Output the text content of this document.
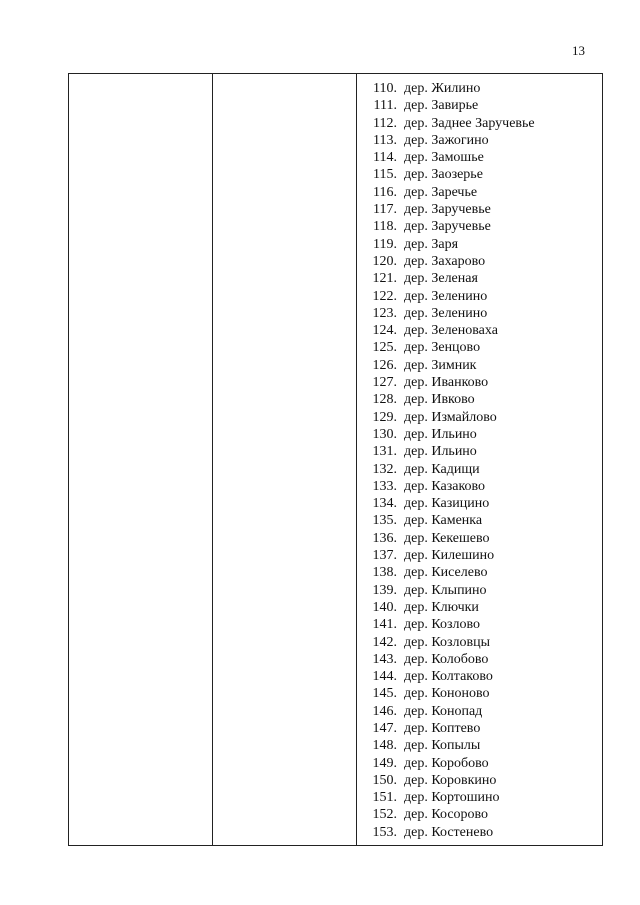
13
110. дер. Жилино
111. дер. Завирье
112. дер. Заднее Заручевье
113. дер. Зажогино
114. дер. Замошье
115. дер. Заозерье
116. дер. Заречье
117. дер. Заручевье
118. дер. Заручевье
119. дер. Заря
120. дер. Захарово
121. дер. Зеленая
122. дер. Зеленино
123. дер. Зеленино
124. дер. Зеленоваха
125. дер. Зенцово
126. дер. Зимник
127. дер. Иванково
128. дер. Ивково
129. дер. Измайлово
130. дер. Ильино
131. дер. Ильино
132. дер. Кадищи
133. дер. Казаково
134. дер. Казицино
135. дер. Каменка
136. дер. Кекешево
137. дер. Килешино
138. дер. Киселево
139. дер. Клыпино
140. дер. Ключки
141. дер. Козлово
142. дер. Козловцы
143. дер. Колобово
144. дер. Колтаково
145. дер. Кононово
146. дер. Конопад
147. дер. Коптево
148. дер. Копылы
149. дер. Коробово
150. дер. Коровкино
151. дер. Кортошино
152. дер. Косорово
153. дер. Костенево
